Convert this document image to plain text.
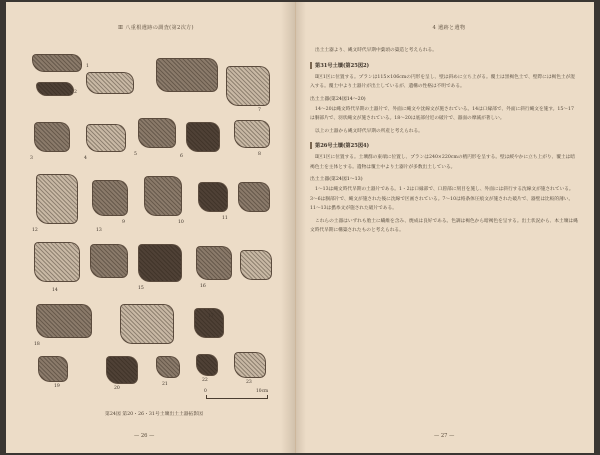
Ⅲ 八重根遺跡の調査(第2次方)
1
2
3	4
5	6
7
8
9	10
11
12	13
14	15	16
17
18
19	20
21
22	23
0	10cm
第24図 第20・26・31号土壙出土土器拓影図
— 26 —
4 遺跡と遺物

出土土器より、縄文時代早期中葉頃の築造と考えられる。

第31号土壙(第25図2)

Ⅱ区1区に位置する。プランは115×106cmの円形を呈し、壁は斜めに立ち上がる。覆土は黒褐色土で、壁際には褐色土が混入する。覆土中より土器片が出土しているが、遺構の性格は不明である。

出土土器(第24図14〜20)

14〜20は縄文時代早期の土器片で、外面に縄文や沈線文が施されている。14は口縁部で、外面に斜行縄文を施す。15〜17は胴部片で、羽状縄文が施されている。18〜20は底部付近の破片で、器面の摩滅が著しい。

以上の土器から縄文時代早期の所産と考えられる。

第26号土壙(第25図4)

Ⅱ区1区に位置する。土壙群の東端に位置し、プランは240×220cmの楕円形を呈する。壁は緩やかに立ち上がり、覆土は暗褐色土を主体とする。遺物は覆土中より土器片が多数出土している。

出土土器(第24図1〜13)

1〜13は縄文時代早期の土器片である。1・2は口縁部で、口唇部に刻目を施し、外面には斜行する沈線文が施されている。3〜6は胴部片で、縄文が施された後に沈線で区画されている。7〜10は絡条体圧痕文が施された破片で、器壁は比較的薄い。11〜13は撚糸文が施された破片である。

これらの土器はいずれも胎土に繊維を含み、焼成は良好である。色調は褐色から暗褐色を呈する。出土状況から、本土壙は縄文時代早期に構築されたものと考えられる。

— 27 —
